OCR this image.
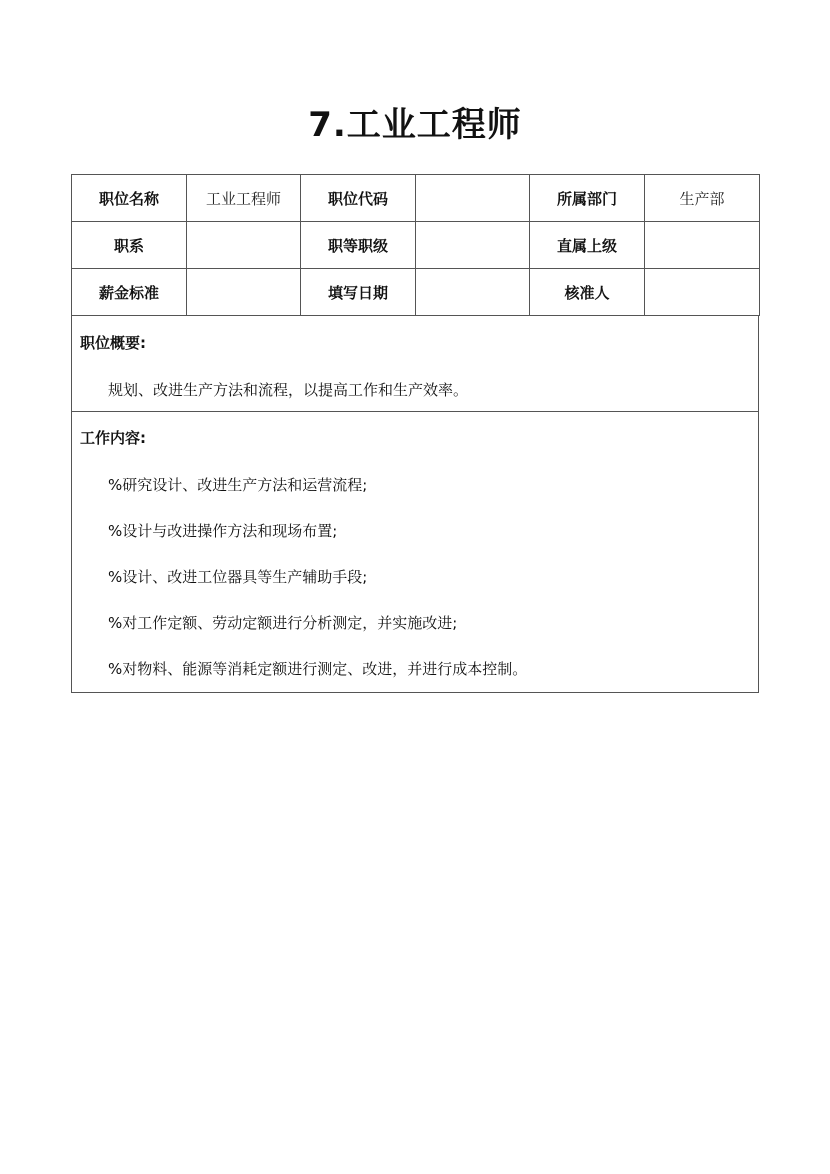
7.工业工程师
职位名称	工业工程师	职位代码		所属部门	生产部
职系		职等职级		直属上级	
薪金标准		填写日期		核准人	
职位概要:
规划、改进生产方法和流程，以提高工作和生产效率。
工作内容:
%研究设计、改进生产方法和运营流程;
%设计与改进操作方法和现场布置;
%设计、改进工位器具等生产辅助手段;
%对工作定额、劳动定额进行分析测定，并实施改进;
%对物料、能源等消耗定额进行测定、改进，并进行成本控制。
